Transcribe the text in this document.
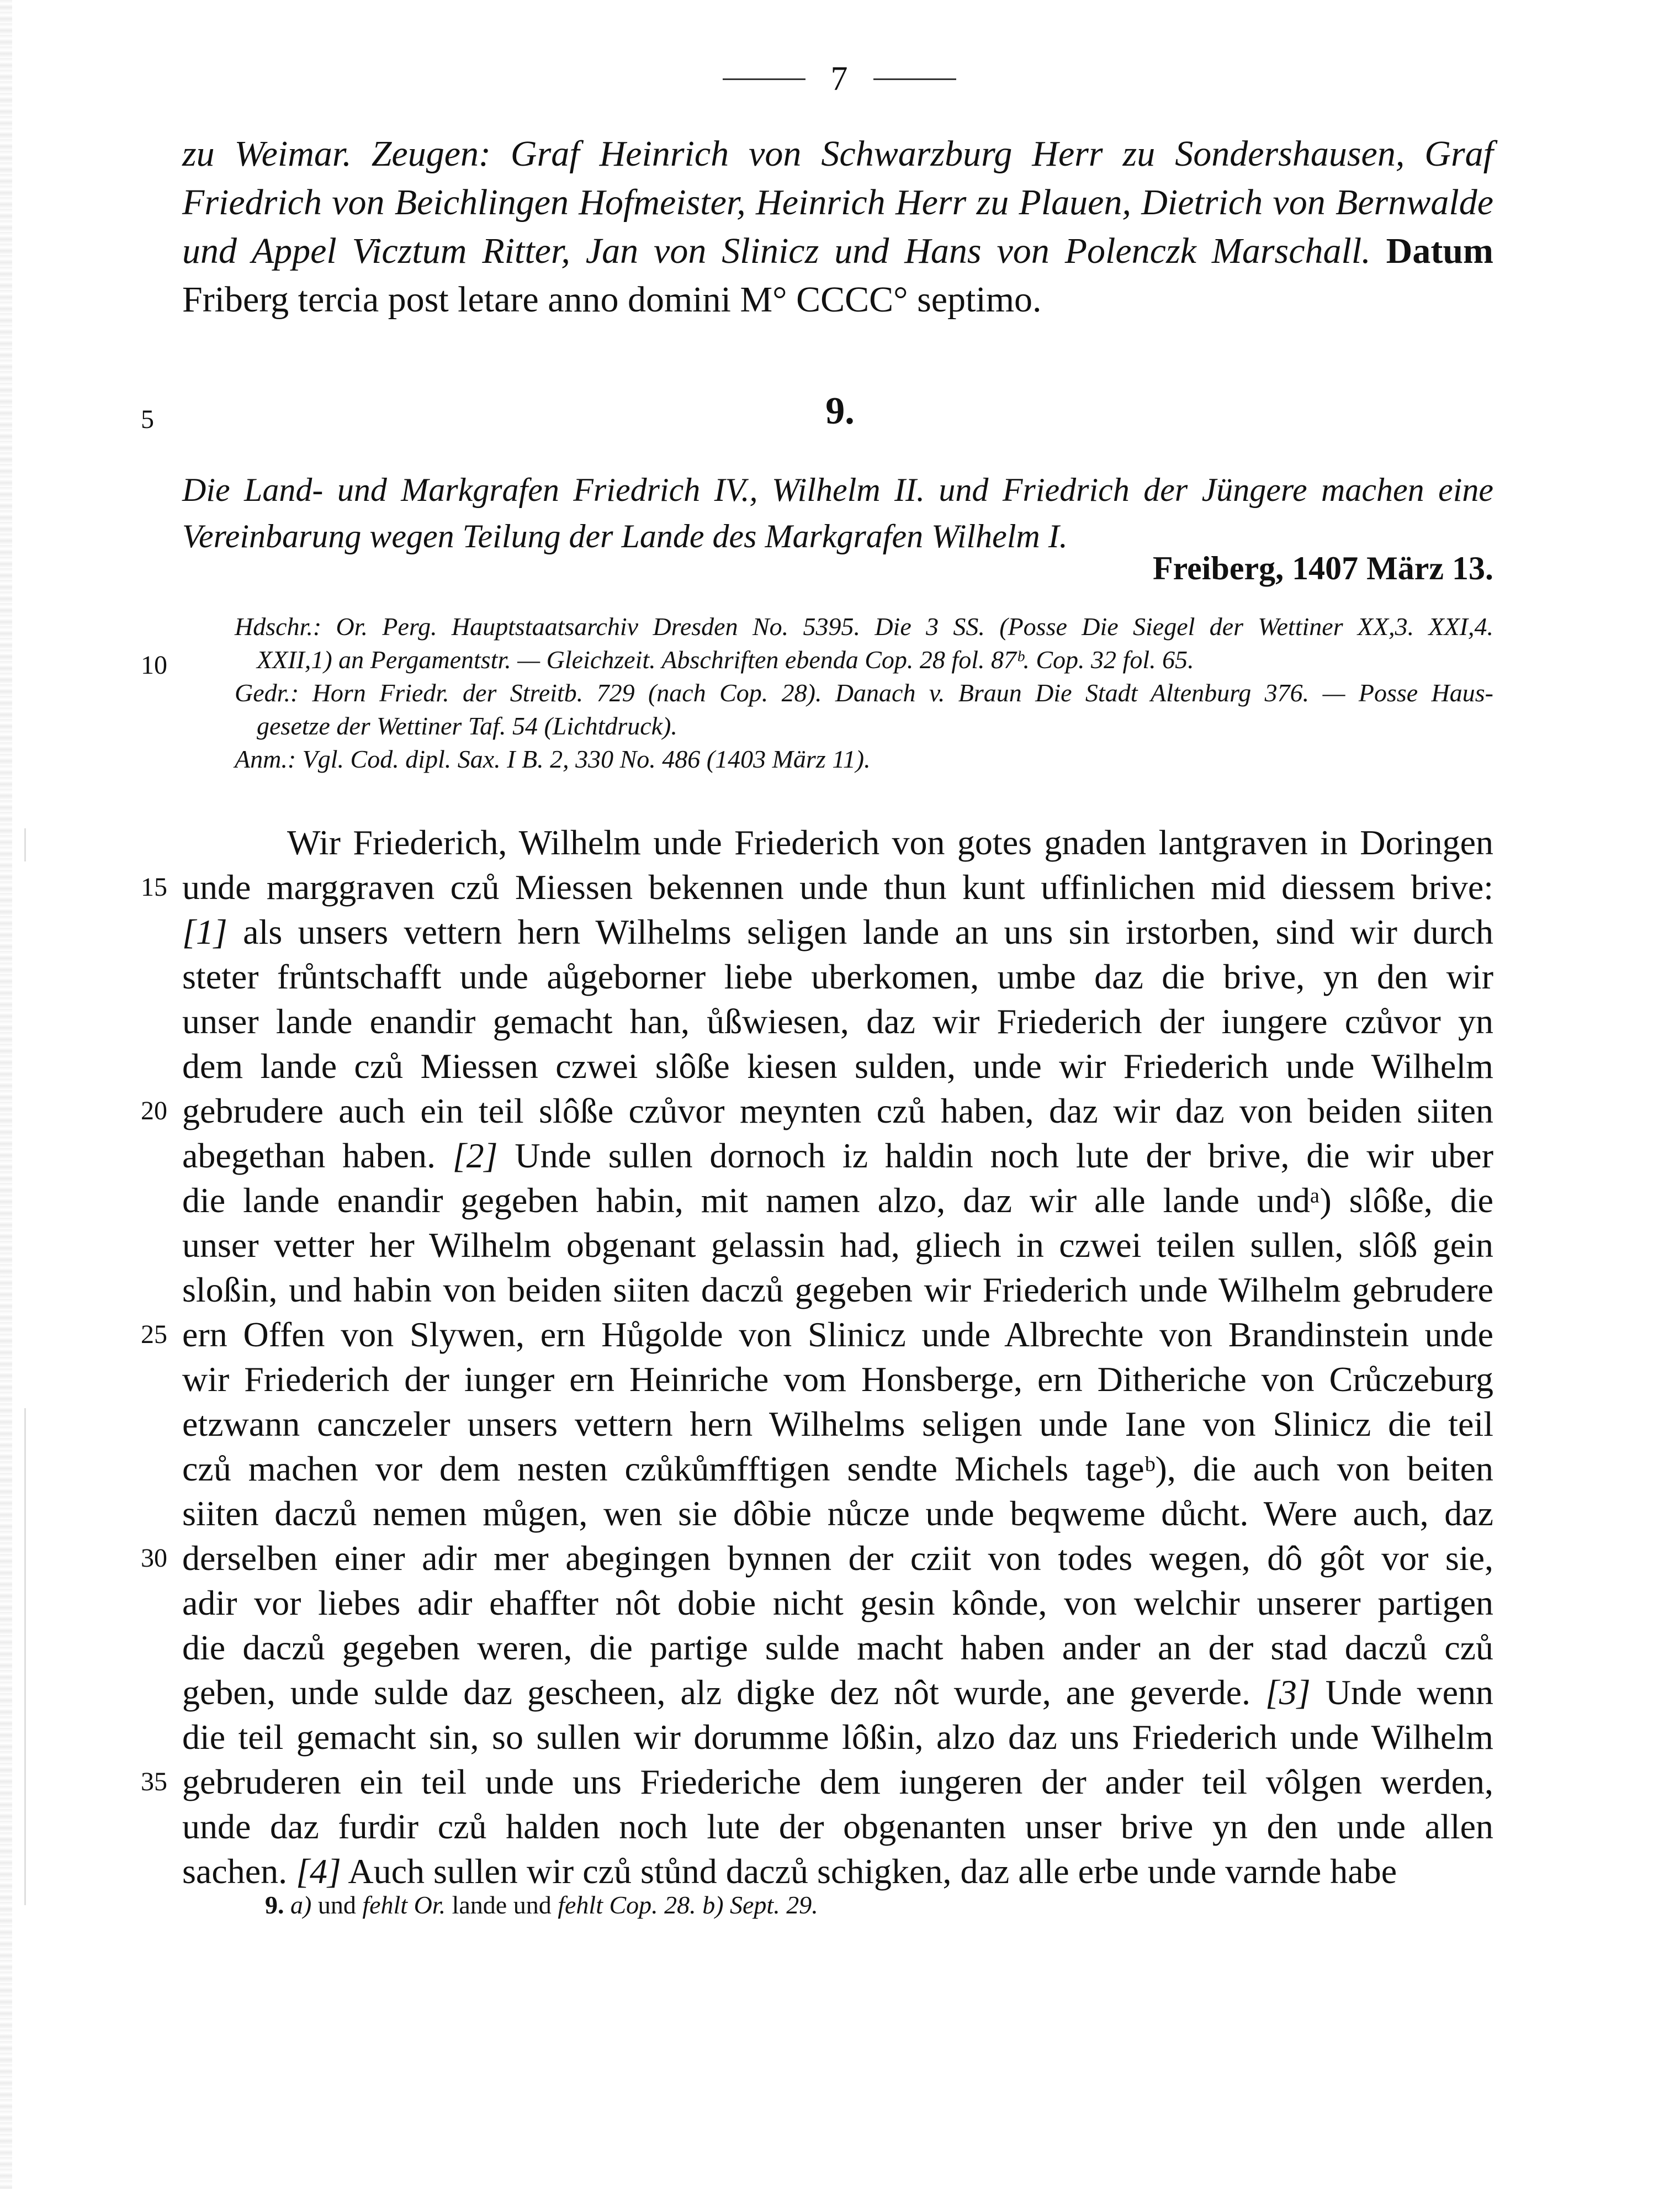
7
zu Weimar. Zeugen: Graf Heinrich von Schwarzburg Herr zu Sondershausen, Graf
Friedrich von Beichlingen Hofmeister, Heinrich Herr zu Plauen, Dietrich von Bernwalde
und Appel Vicztum Ritter, Jan von Slinicz und Hans von Polenczk Marschall. Datum
Friberg tercia post letare anno domini M° CCCC° septimo.
5
10
15
20
25
30
35
9.
Die Land- und Markgrafen Friedrich IV., Wilhelm II. und Friedrich der Jüngere machen eine
Vereinbarung wegen Teilung der Lande des Markgrafen Wilhelm I.
Freiberg, 1407 März 13.
Hdschr.: Or. Perg. Hauptstaatsarchiv Dresden No. 5395. Die 3 SS. (Posse Die Siegel der Wettiner XX,3. XXI,4.
XXII,1) an Pergamentstr. — Gleichzeit. Abschriften ebenda Cop. 28 fol. 87ᵇ. Cop. 32 fol. 65.
Gedr.: Horn Friedr. der Streitb. 729 (nach Cop. 28). Danach v. Braun Die Stadt Altenburg 376. — Posse Haus-
gesetze der Wettiner Taf. 54 (Lichtdruck).
Anm.: Vgl. Cod. dipl. Sax. I B. 2, 330 No. 486 (1403 März 11).
Wir Friederich, Wilhelm unde Friederich von gotes gnaden lantgraven in Doringen
unde marggraven czů Miessen bekennen unde thun kunt uffinlichen mid diessem brive:
[1] als unsers vettern hern Wilhelms seligen lande an uns sin irstorben, sind wir durch
steter frůntschafft unde aůgeborner liebe uberkomen, umbe daz die brive, yn den wir
unser lande enandir gemacht han, ůßwiesen, daz wir Friederich der iungere czůvor yn
dem lande czů Miessen czwei slôße kiesen sulden, unde wir Friederich unde Wilhelm
gebrudere auch ein teil slôße czůvor meynten czů haben, daz wir daz von beiden siiten
abegethan haben. [2] Unde sullen dornoch iz haldin noch lute der brive, die wir uber
die lande enandir gegeben habin, mit namen alzo, daz wir alle lande undᵃ) slôße, die
unser vetter her Wilhelm obgenant gelassin had, gliech in czwei teilen sullen, slôß gein
sloßin, und habin von beiden siiten daczů gegeben wir Friederich unde Wilhelm gebrudere
ern Offen von Slywen, ern Hůgolde von Slinicz unde Albrechte von Brandinstein unde
wir Friederich der iunger ern Heinriche vom Honsberge, ern Ditheriche von Crůczeburg
etzwann canczeler unsers vettern hern Wilhelms seligen unde Iane von Slinicz die teil
czů machen vor dem nesten czůkůmfftigen sendte Michels tageᵇ), die auch von beiten
siiten daczů nemen můgen, wen sie dôbie nůcze unde beqweme důcht. Were auch, daz
derselben einer adir mer abegingen bynnen der cziit von todes wegen, dô gôt vor sie,
adir vor liebes adir ehaffter nôt dobie nicht gesin kônde, von welchir unserer partigen
die daczů gegeben weren, die partige sulde macht haben ander an der stad daczů czů
geben, unde sulde daz gescheen, alz digke dez nôt wurde, ane geverde. [3] Unde wenn
die teil gemacht sin, so sullen wir dorumme lôßin, alzo daz uns Friederich unde Wilhelm
gebruderen ein teil unde uns Friederiche dem iungeren der ander teil vôlgen werden,
unde daz furdir czů halden noch lute der obgenanten unser brive yn den unde allen
sachen. [4] Auch sullen wir czů stůnd daczů schigken, daz alle erbe unde varnde habe
9. a) und fehlt Or. lande und fehlt Cop. 28. b) Sept. 29.
